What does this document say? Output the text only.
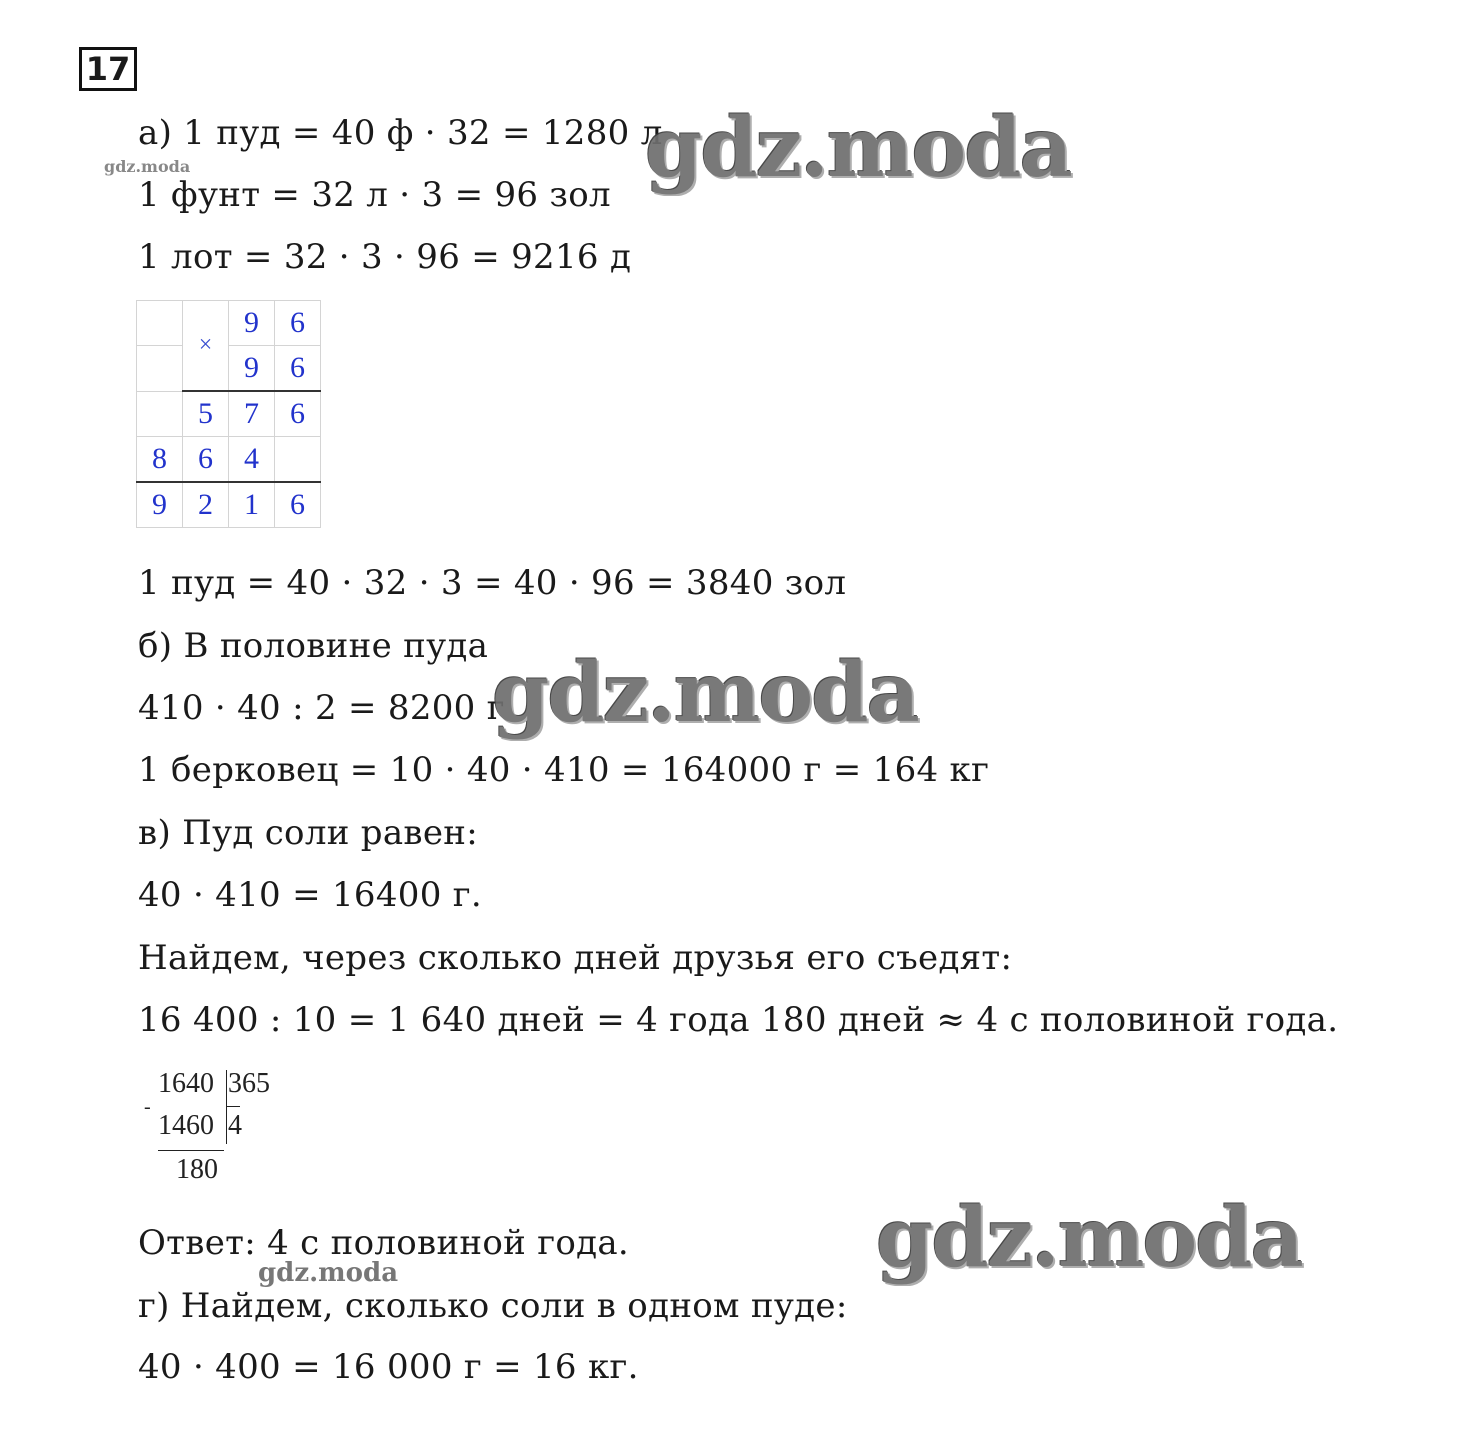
17
а) 1 пуд = 40 ф · 32 = 1280 л
1 фунт = 32 л · 3 = 96 зол
1 лот = 32 · 3 · 96 = 9216 д
	×	9	6
		9	6
	5	7	6
8	6	4	
9	2	1	6
1 пуд = 40 · 32 · 3 = 40 · 96 = 3840 зол
б) В половине пуда
410 · 40 : 2 = 8200 г
1 берковец = 10 · 40 · 410 = 164000 г = 164 кг
в) Пуд соли равен:
40 · 410 = 16400 г.
Найдем, через сколько дней друзья его съедят:
16 400 : 10 = 1 640 дней = 4 года 180 дней ≈ 4 с половиной года.
-
1640 365
1460 4
180
Ответ: 4 с половиной года.
г) Найдем, сколько соли в одном пуде:
40 · 400 = 16 000 г = 16 кг.
gdz.moda	gdz.moda
gdz.moda
gdz.moda
gdz.moda
